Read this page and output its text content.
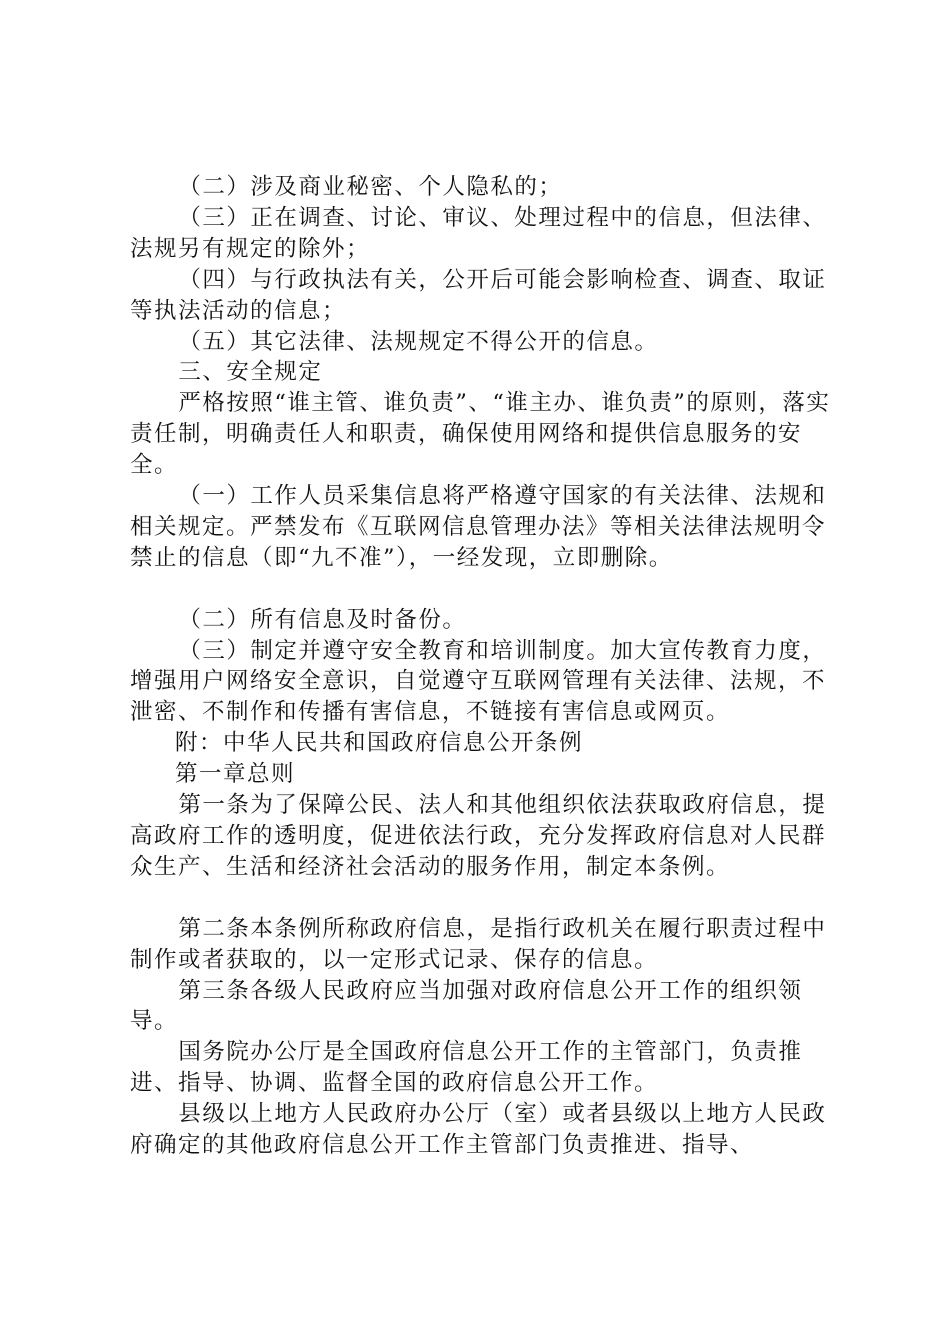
（二）涉及商业秘密、个人隐私的；

（三）正在调查、讨论、审议、处理过程中的信息，但法律、法规另有规定的除外；

（四）与行政执法有关，公开后可能会影响检查、调查、取证等执法活动的信息；

（五）其它法律、法规规定不得公开的信息。

三、安全规定

严格按照“谁主管、谁负责”、“谁主办、谁负责”的原则，落实责任制，明确责任人和职责，确保使用网络和提供信息服务的安全。

（一）工作人员采集信息将严格遵守国家的有关法律、法规和相关规定。严禁发布《互联网信息管理办法》等相关法律法规明令禁止的信息（即“九不准”），一经发现，立即删除。

（二）所有信息及时备份。

（三）制定并遵守安全教育和培训制度。加大宣传教育力度，增强用户网络安全意识，自觉遵守互联网管理有关法律、法规，不泄密、不制作和传播有害信息，不链接有害信息或网页。

附：中华人民共和国政府信息公开条例

第一章总则

第一条为了保障公民、法人和其他组织依法获取政府信息，提高政府工作的透明度，促进依法行政，充分发挥政府信息对人民群众生产、生活和经济社会活动的服务作用，制定本条例。

第二条本条例所称政府信息，是指行政机关在履行职责过程中制作或者获取的，以一定形式记录、保存的信息。

第三条各级人民政府应当加强对政府信息公开工作的组织领导。

国务院办公厅是全国政府信息公开工作的主管部门，负责推进、指导、协调、监督全国的政府信息公开工作。

县级以上地方人民政府办公厅（室）或者县级以上地方人民政府确定的其他政府信息公开工作主管部门负责推进、指导、
